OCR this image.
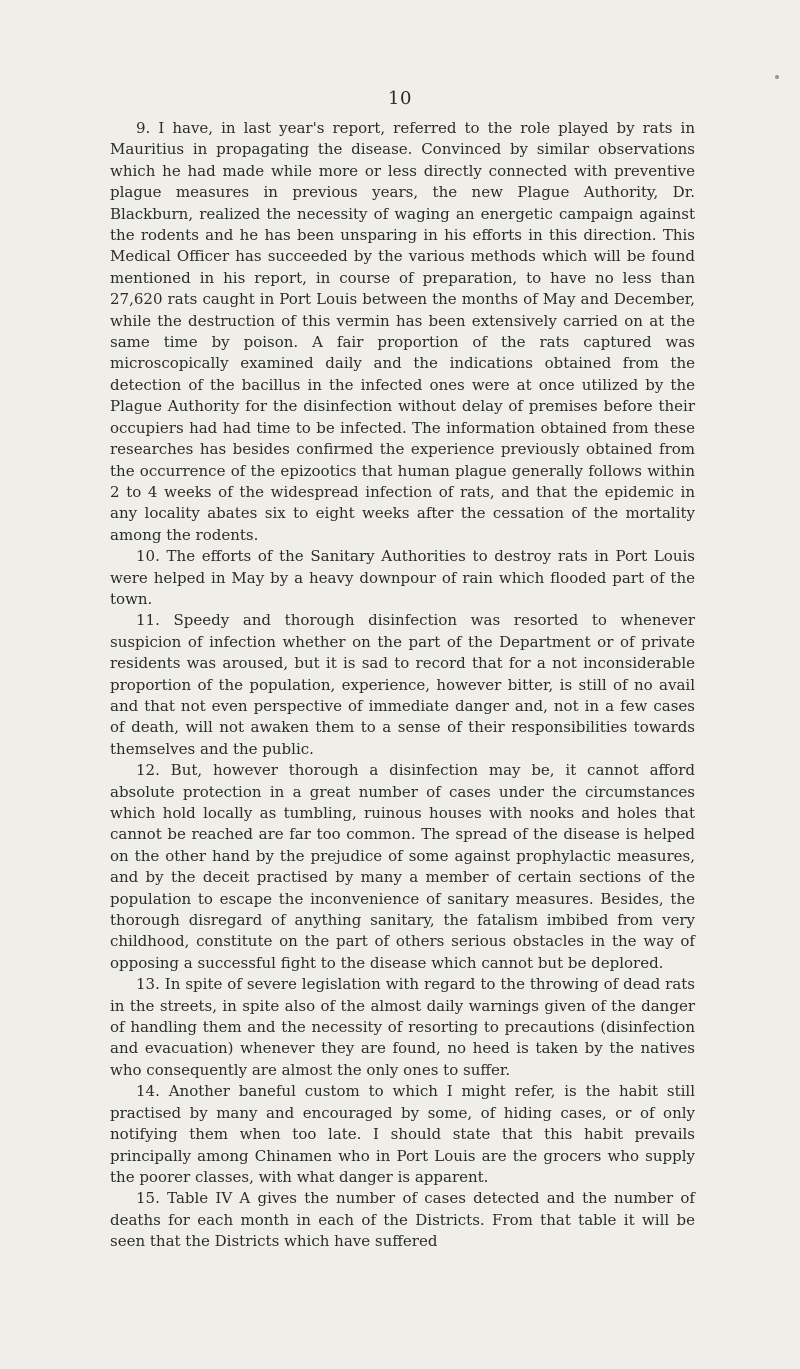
10

9. I have, in last year's report, referred to the role played by rats in Mauritius in propagating the disease. Convinced by similar observations which he had made while more or less directly connected with preventive plague measures in previous years, the new Plague Authority, Dr. Blackburn, realized the necessity of waging an energetic campaign against the rodents and he has been unsparing in his efforts in this direction. This Medical Officer has succeeded by the various methods which will be found mentioned in his report, in course of preparation, to have no less than 27,620 rats caught in Port Louis between the months of May and December, while the destruction of this vermin has been extensively carried on at the same time by poison. A fair proportion of the rats captured was microscopically examined daily and the indications obtained from the detection of the bacillus in the infected ones were at once utilized by the Plague Authority for the disinfection without delay of premises before their occupiers had had time to be infected. The information obtained from these researches has besides confirmed the experience previously obtained from the occurrence of the epizootics that human plague generally follows within 2 to 4 weeks of the widespread infection of rats, and that the epidemic in any locality abates six to eight weeks after the cessation of the mortality among the rodents.

10. The efforts of the Sanitary Authorities to destroy rats in Port Louis were helped in May by a heavy downpour of rain which flooded part of the town.

11. Speedy and thorough disinfection was resorted to whenever suspicion of infection whether on the part of the Department or of private residents was aroused, but it is sad to record that for a not inconsiderable proportion of the population, experience, however bitter, is still of no avail and that not even perspective of immediate danger and, not in a few cases of death, will not awaken them to a sense of their responsibilities towards themselves and the public.

12. But, however thorough a disinfection may be, it cannot afford absolute protection in a great number of cases under the circumstances which hold locally as tumbling, ruinous houses with nooks and holes that cannot be reached are far too common. The spread of the disease is helped on the other hand by the prejudice of some against prophylactic measures, and by the deceit practised by many a member of certain sections of the population to escape the inconvenience of sanitary measures. Besides, the thorough disregard of anything sanitary, the fatalism imbibed from very childhood, constitute on the part of others serious obstacles in the way of opposing a successful fight to the disease which cannot but be deplored.

13. In spite of severe legislation with regard to the throwing of dead rats in the streets, in spite also of the almost daily warnings given of the danger of handling them and the necessity of resorting to precautions (disinfection and evacuation) whenever they are found, no heed is taken by the natives who consequently are almost the only ones to suffer.

14. Another baneful custom to which I might refer, is the habit still practised by many and encouraged by some, of hiding cases, or of only notifying them when too late. I should state that this habit prevails principally among Chinamen who in Port Louis are the grocers who supply the poorer classes, with what danger is apparent.

15. Table IV A gives the number of cases detected and the number of deaths for each month in each of the Districts. From that table it will be seen that the Districts which have suffered
